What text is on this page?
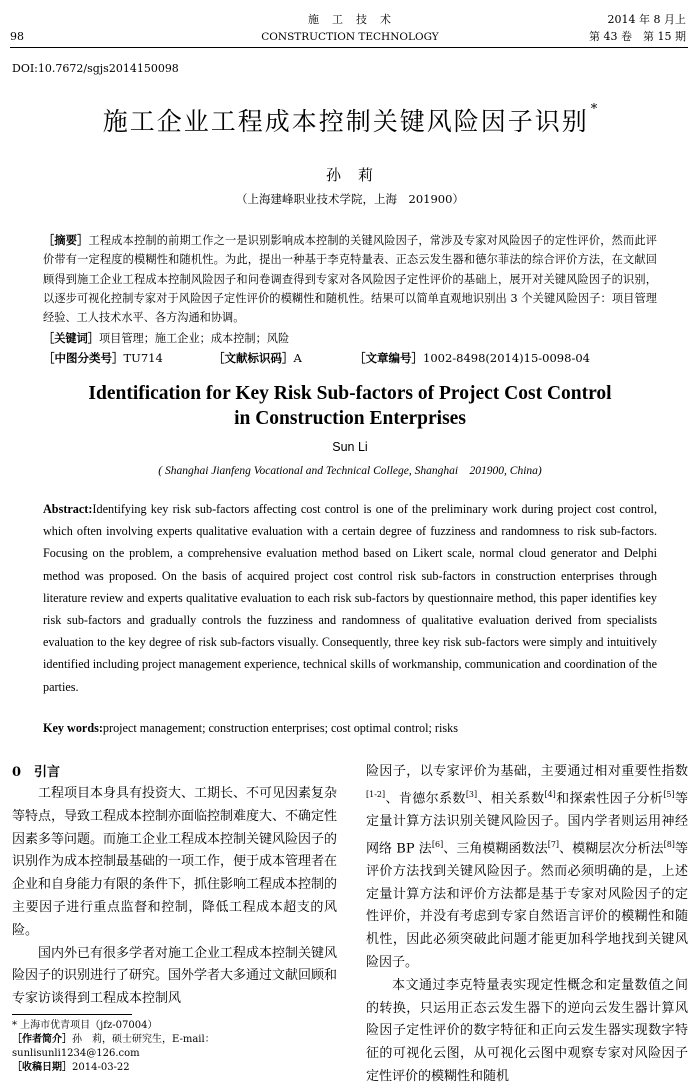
98
施　工　技　术
CONSTRUCTION TECHNOLOGY
2014 年 8 月上
第 43 卷　第 15 期
DOI:10.7672/sgjs2014150098
施工企业工程成本控制关键风险因子识别 *
孙　莉
（上海建峰职业技术学院，上海　201900）
［摘要］工程成本控制的前期工作之一是识别影响成本控制的关键风险因子，常涉及专家对风险因子的定性评价，然而此评价带有一定程度的模糊性和随机性。为此，提出一种基于李克特量表、正态云发生器和德尔菲法的综合评价方法，在文献回顾得到施工企业工程成本控制风险因子和问卷调查得到专家对各风险因子定性评价的基础上，展开对关键风险因子的识别，以逐步可视化控制专家对于风险因子定性评价的模糊性和随机性。结果可以简单直观地识别出 3 个关键风险因子：项目管理经验、工人技术水平、各方沟通和协调。
［关键词］项目管理；施工企业；成本控制；风险
［中图分类号］TU714	［文献标识码］A	［文章编号］1002-8498(2014)15-0098-04
Identification for Key Risk Sub-factors of Project Cost Control
in Construction Enterprises
Sun Li
( Shanghai Jianfeng Vocational and Technical College, Shanghai　201900, China)
Abstract:Identifying key risk sub-factors affecting cost control is one of the preliminary work during project cost control, which often involving experts qualitative evaluation with a certain degree of fuzziness and randomness to risk sub-factors. Focusing on the problem, a comprehensive evaluation method based on Likert scale, normal cloud generator and Delphi method was proposed. On the basis of acquired project cost control risk sub-factors in construction enterprises through literature review and experts qualitative evaluation to each risk sub-factors by questionnaire method, this paper identifies key risk sub-factors and gradually controls the fuzziness and randomness of qualitative evaluation derived from specialists evaluation to the key degree of risk sub-factors visually. Consequently, three key risk sub-factors were simply and intuitively identified including project management experience, technical skills of workmanship, communication and coordination of the parties.
Key words:project management; construction enterprises; cost optimal control; risks
0　引言
工程项目本身具有投资大、工期长、不可见因素复杂等特点，导致工程成本控制亦面临控制难度大、不确定性因素多等问题。而施工企业工程成本控制关键风险因子的识别作为成本控制最基础的一项工作，便于成本管理者在企业和自身能力有限的条件下，抓住影响工程成本控制的主要因子进行重点监督和控制，降低工程成本超支的风险。
国内外已有很多学者对施工企业工程成本控制关键风险因子的识别进行了研究。国外学者大多通过文献回顾和专家访谈得到工程成本控制风
险因子，以专家评价为基础，主要通过相对重要性指数[1-2]、肯德尔系数[3]、相关系数[4]和探索性因子分析[5]等定量计算方法识别关键风险因子。国内学者则运用神经网络 BP 法[6]、三角模糊函数法[7]、模糊层次分析法[8]等评价方法找到关键风险因子。然而必须明确的是，上述定量计算方法和评价方法都是基于专家对风险因子的定性评价，并没有考虑到专家自然语言评价的模糊性和随机性，因此必须突破此问题才能更加科学地找到关键风险因子。
本文通过李克特量表实现定性概念和定量数值之间的转换，只运用正态云发生器下的逆向云发生器计算风险因子定性评价的数字特征和正向云发生器实现数字特征的可视化云图，从可视化云图中观察专家对风险因子定性评价的模糊性和随机
* 上海市优青项目（jfz-07004）
［作者简介］孙　莉，硕士研究生，E-mail：sunlisunli1234@126.com
［收稿日期］2014-03-22
